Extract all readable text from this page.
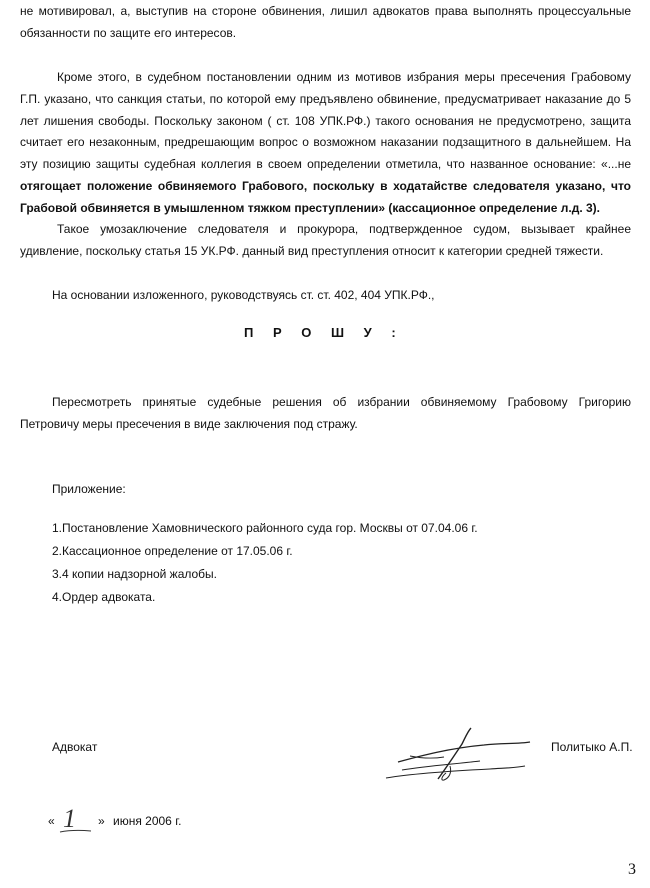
не мотивировал, а, выступив на стороне обвинения, лишил адвокатов права выполнять процессуальные
обязанности по защите его интересов.
Кроме этого, в судебном постановлении одним из мотивов избрания меры пресечения Грабовому
Г.П. указано, что санкция статьи, по которой ему предъявлено обвинение, предусматривает наказание до 5
лет лишения свободы. Поскольку законом ( ст. 108 УПК.РФ.) такого основания не предусмотрено, защита
считает его незаконным, предрешающим вопрос о возможном наказании подзащитного в дальнейшем. На
эту позицию защиты судебная коллегия в своем определении отметила, что названное основание: «...не
отягощает положение обвиняемого Грабового, поскольку в ходатайстве следователя указано, что
Грабовой обвиняется в умышленном тяжком преступлении» (кассационное определение л.д. 3).
Такое умозаключение следователя и прокурора, подтвержденное судом, вызывает крайнее
удивление, поскольку статья 15 УК.РФ. данный вид преступления относит к категории средней тяжести.
На основании изложенного, руководствуясь ст. ст. 402, 404 УПК.РФ.,
П Р О Ш У :
Пересмотреть принятые судебные решения об избрании обвиняемому Грабовому Григорию
Петровичу меры пресечения в виде заключения под стражу.
Приложение:
1.Постановление Хамовнического районного суда гор. Москвы от 07.04.06 г.
2.Кассационное определение от 17.05.06 г.
3.4 копии надзорной жалобы.
4.Ордер адвоката.
Адвокат	Политыко А.П.
« 1 » июня 2006 г.
3
